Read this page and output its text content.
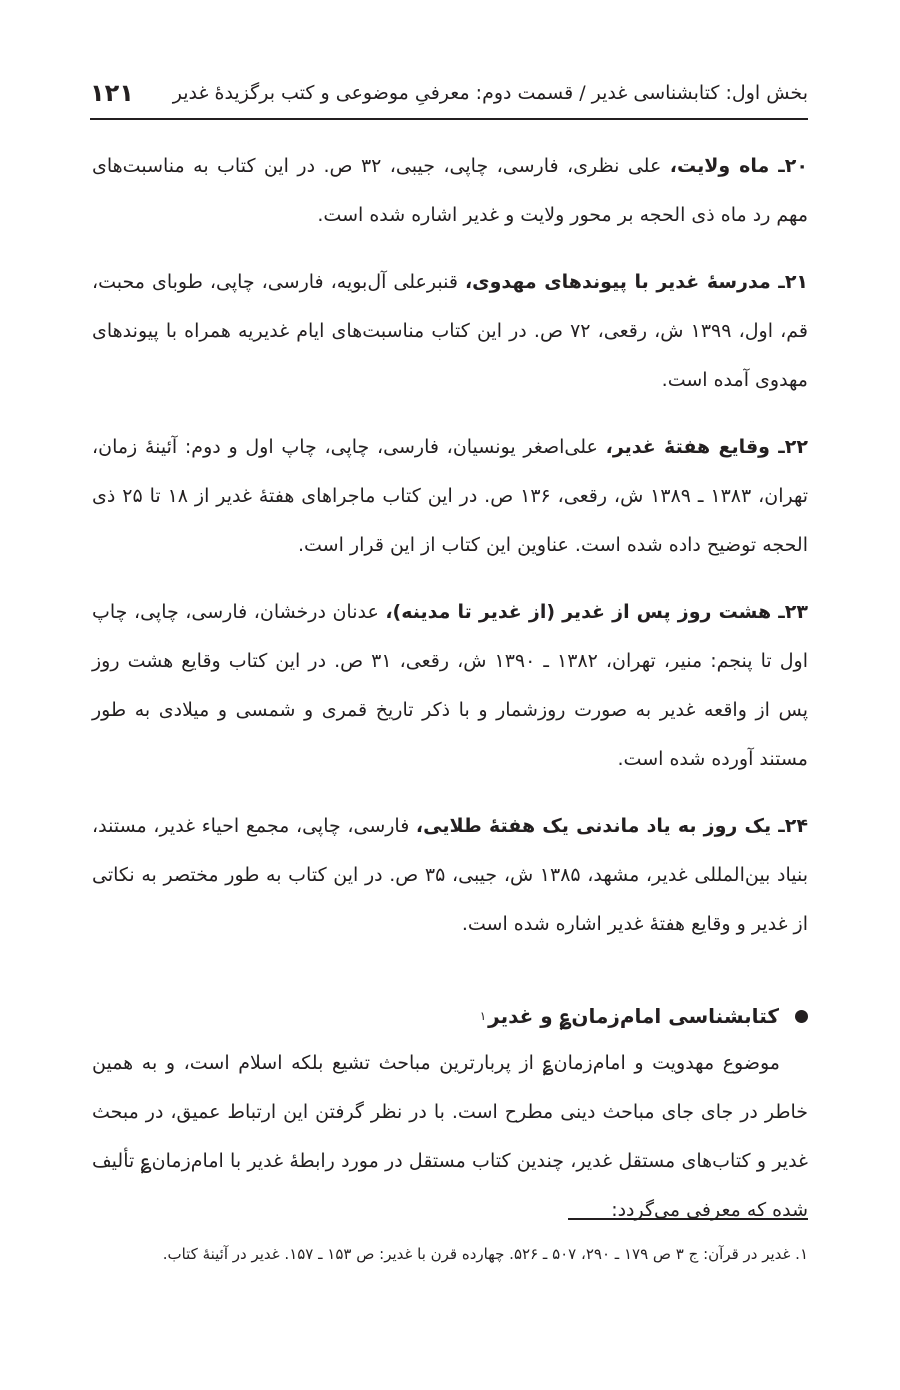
بخش اول: کتابشناسی غدیر / قسمت دوم: معرفیِ موضوعی و کتب برگزیدۀ غدیر
۱۲۱

۲۰ـ ماه ولایت، علی نظری، فارسی، چاپی، جیبی، ۳۲ ص. در این کتاب به مناسبت‌های مهم رد ماه ذی الحجه بر محور ولایت و غدیر اشاره شده است.

۲۱ـ مدرسۀ غدیر با پیوندهای مهدوی، قنبرعلی آل‌بویه، فارسی، چاپی، طوبای محبت، قم، اول، ۱۳۹۹ ش، رقعی، ۷۲ ص. در این کتاب مناسبت‌های ایام غدیریه همراه با پیوندهای مهدوی آمده است.

۲۲ـ وقایع هفتۀ غدیر، علی‌اصغر یونسیان، فارسی، چاپی، چاپ اول و دوم: آئینۀ زمان، تهران، ۱۳۸۳ ـ ۱۳۸۹ ش، رقعی، ۱۳۶ ص. در این کتاب ماجراهای هفتۀ غدیر از ۱۸ تا ۲۵ ذی الحجه توضیح داده شده است. عناوین این کتاب از این قرار است.

۲۳ـ هشت روز پس از غدیر (از غدیر تا مدینه)، عدنان درخشان، فارسی، چاپی، چاپ اول تا پنجم: منیر، تهران، ۱۳۸۲ ـ ۱۳۹۰ ش، رقعی، ۳۱ ص. در این کتاب وقایع هشت روز پس از واقعه غدیر به صورت روزشمار و با ذکر تاریخ قمری و شمسی و میلادی به طور مستند آورده شده است.

۲۴ـ یک روز به یاد ماندنی یک هفتۀ طلایی، فارسی، چاپی، مجمع احیاء غدیر، مستند، بنیاد بین‌المللی غدیر، مشهد، ۱۳۸۵ ش، جیبی، ۳۵ ص. در این کتاب به طور مختصر به نکاتی از غدیر و وقایع هفتۀ غدیر اشاره شده است.

کتابشناسی امام‌زمان‌؏ و غدیر
۱

موضوع مهدویت و امام‌زمان‌؏ از پربارترین مباحث تشیع بلکه اسلام است، و به همین خاطر در جای جای مباحث دینی مطرح است. با در نظر گرفتن این ارتباط عمیق، در مبحث غدیر و کتاب‌های مستقل غدیر، چندین کتاب مستقل در مورد رابطۀ غدیر با امام‌زمان‌؏ تألیف شده که معرفی می‌گردد:

۱. غدیر در قرآن: ج ۳ ص ۱۷۹ ـ ۲۹۰، ۵۰۷ ـ ۵۲۶. چهارده قرن با غدیر: ص ۱۵۳ ـ ۱۵۷. غدیر در آئینۀ کتاب.
